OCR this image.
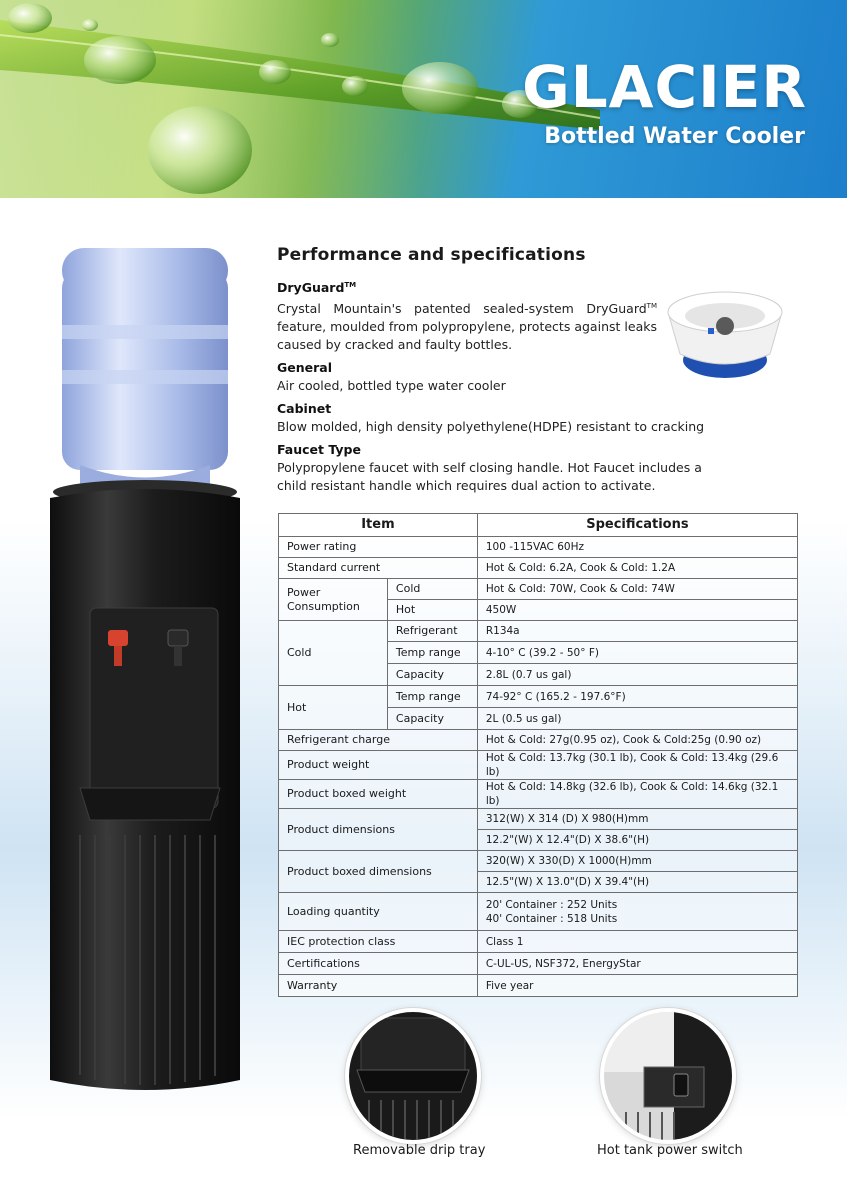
GLACIER
Bottled Water Cooler
Performance and specifications
DryGuard™
Crystal Mountain's patented sealed-system DryGuard™ feature, moulded from polypropylene, protects against leaks caused by cracked and faulty bottles.
General
Air cooled, bottled type water cooler
Cabinet
Blow molded, high density polyethylene(HDPE) resistant to cracking
Faucet Type
Polypropylene faucet with self closing handle. Hot Faucet includes a child resistant handle which requires dual action to activate.
Item		Specifications
Power rating		100 -115VAC 60Hz
Standard current		Hot & Cold: 6.2A, Cook & Cold: 1.2A
Power Consumption	Cold	Hot & Cold: 70W, Cook & Cold: 74W
	Hot	450W
Cold	Refrigerant	R134a
	Temp range	4-10° C (39.2 - 50° F)
	Capacity	2.8L (0.7 us gal)
Hot	Temp range	74-92° C (165.2 - 197.6°F)
	Capacity	2L (0.5 us gal)
Refrigerant charge		Hot & Cold: 27g(0.95 oz), Cook & Cold:25g (0.90 oz)
Product weight		Hot & Cold: 13.7kg (30.1 lb), Cook & Cold: 13.4kg (29.6 lb)
Product boxed weight		Hot & Cold: 14.8kg (32.6 lb), Cook & Cold: 14.6kg (32.1 lb)
Product dimensions		312(W) X 314 (D) X 980(H)mm
		12.2"(W) X 12.4"(D) X 38.6"(H)
Product boxed dimensions		320(W) X 330(D) X 1000(H)mm
		12.5"(W) X 13.0"(D) X 39.4"(H)
Loading quantity		20' Container : 252 Units
40' Container : 518 Units

IEC protection class		Class 1
Certifications		C-UL-US, NSF372, EnergyStar
Warranty		Five year
Removable drip tray	Hot tank power switch
